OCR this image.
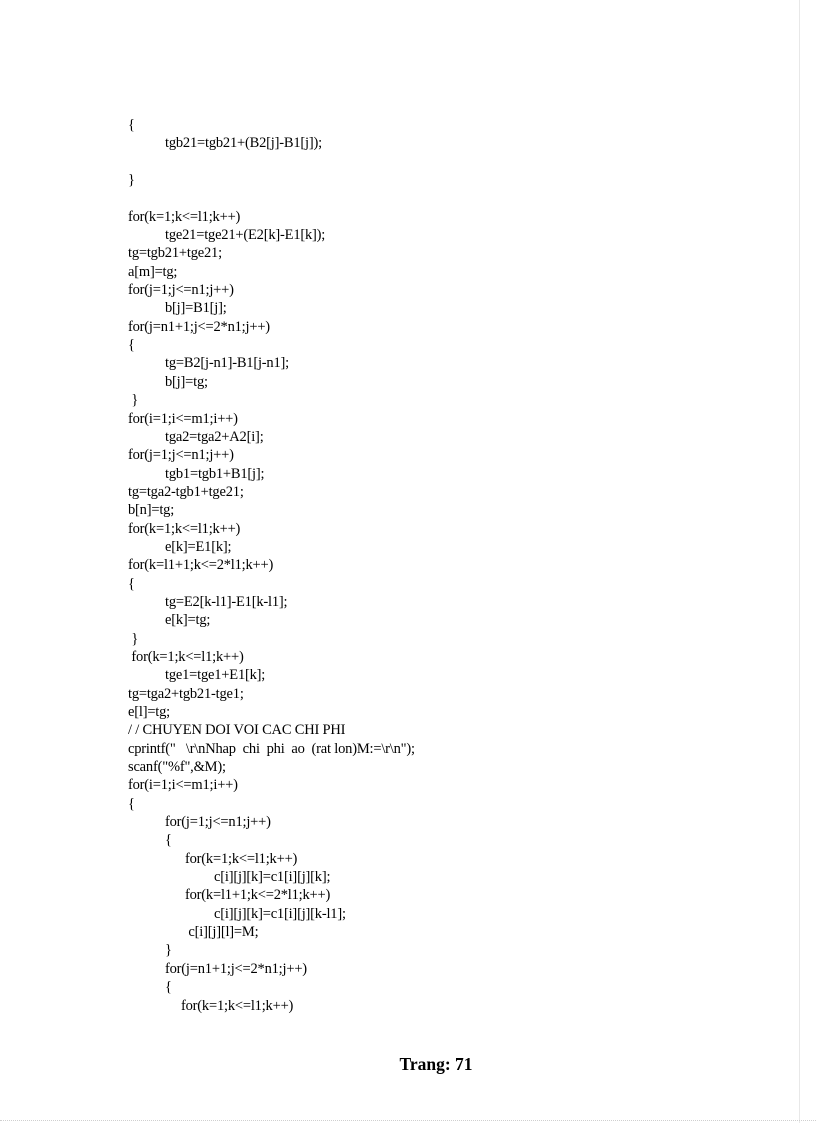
{
tgb21=tgb21+(B2[j]-B1[j]);
}
for(k=1;k<=l1;k++)
tge21=tge21+(E2[k]-E1[k]);
tg=tgb21+tge21;
a[m]=tg;
for(j=1;j<=n1;j++)
b[j]=B1[j];
for(j=n1+1;j<=2*n1;j++)
{
tg=B2[j-n1]-B1[j-n1];
b[j]=tg;
}
for(i=1;i<=m1;i++)
tga2=tga2+A2[i];
for(j=1;j<=n1;j++)
tgb1=tgb1+B1[j];
tg=tga2-tgb1+tge21;
b[n]=tg;
for(k=1;k<=l1;k++)
e[k]=E1[k];
for(k=l1+1;k<=2*l1;k++)
{
tg=E2[k-l1]-E1[k-l1];
e[k]=tg;
}
for(k=1;k<=l1;k++)
tge1=tge1+E1[k];
tg=tga2+tgb21-tge1;
e[l]=tg;
/ / CHUYEN DOI VOI CAC CHI PHI
cprintf("   \r\nNhap  chi  phi  ao  (rat lon)M:=\r\n");
scanf("%f",&M);
for(i=1;i<=m1;i++)
{
for(j=1;j<=n1;j++)
{
for(k=1;k<=l1;k++)
c[i][j][k]=c1[i][j][k];
for(k=l1+1;k<=2*l1;k++)
c[i][j][k]=c1[i][j][k-l1];
c[i][j][l]=M;
}
for(j=n1+1;j<=2*n1;j++)
{
for(k=1;k<=l1;k++)
Trang: 71
